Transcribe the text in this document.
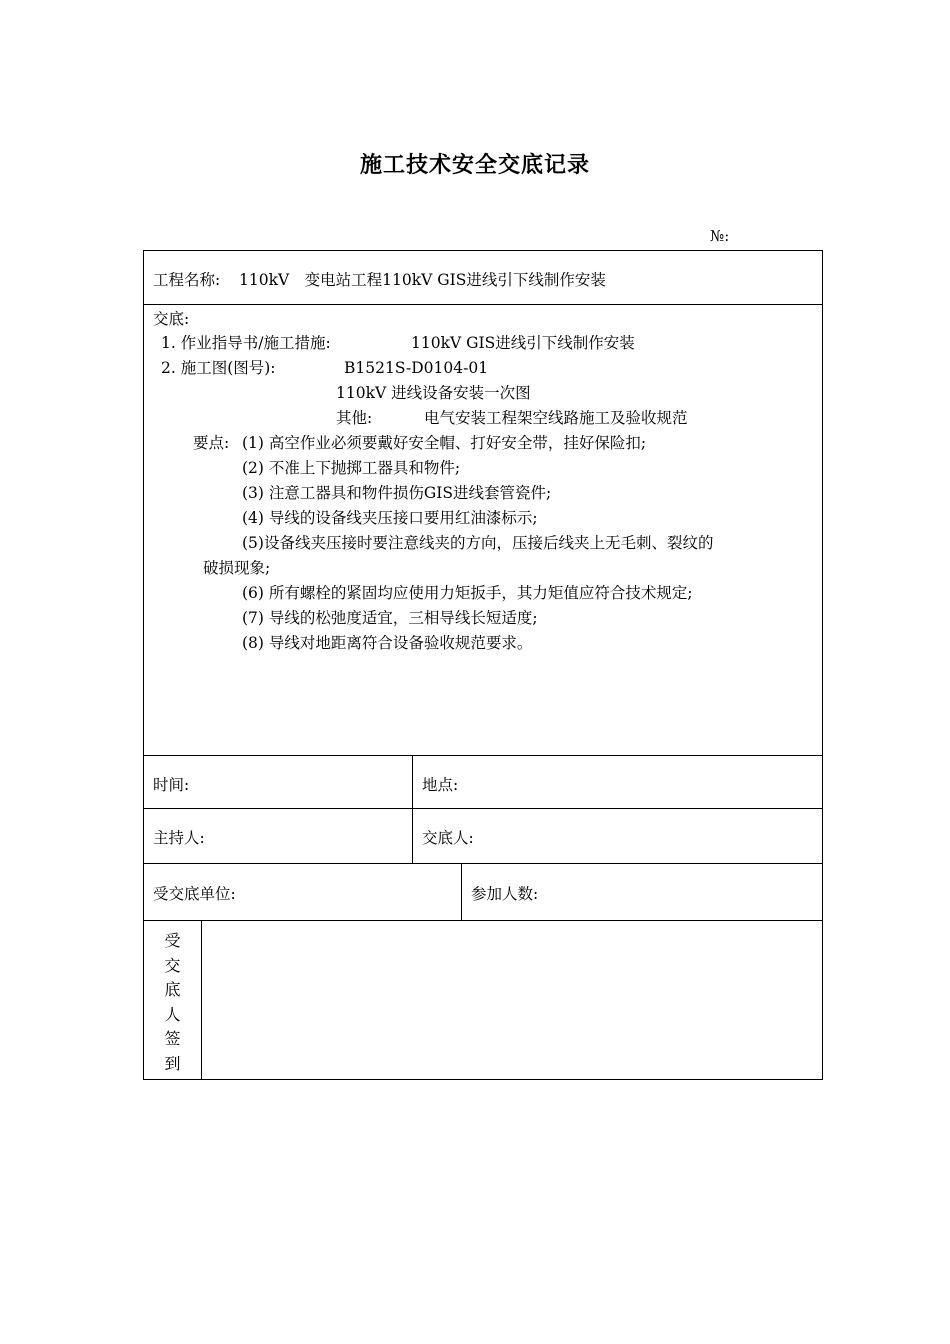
施工技术安全交底记录
№:
工程名称: 110kV　变电站工程110kV GIS进线引下线制作安装
交底:
1. 作业指导书/施工措施:	110kV GIS进线引下线制作安装
2. 施工图(图号):	B1521S-D0104-01
110kV 进线设备安装一次图
其他:	电气安装工程架空线路施工及验收规范
要点: (1) 高空作业必须要戴好安全帽、打好安全带，挂好保险扣;
(2) 不准上下抛掷工器具和物件;
(3) 注意工器具和物件损伤GIS进线套管瓷件;
(4) 导线的设备线夹压接口要用红油漆标示;
(5)设备线夹压接时要注意线夹的方向，压接后线夹上无毛刺、裂纹的
破损现象;
(6) 所有螺栓的紧固均应使用力矩扳手，其力矩值应符合技术规定;
(7) 导线的松弛度适宜，三相导线长短适度;
(8) 导线对地距离符合设备验收规范要求。
时间:	地点:
主持人:	交底人:
受交底单位:	参加人数:
受
交
底
人
签
到
